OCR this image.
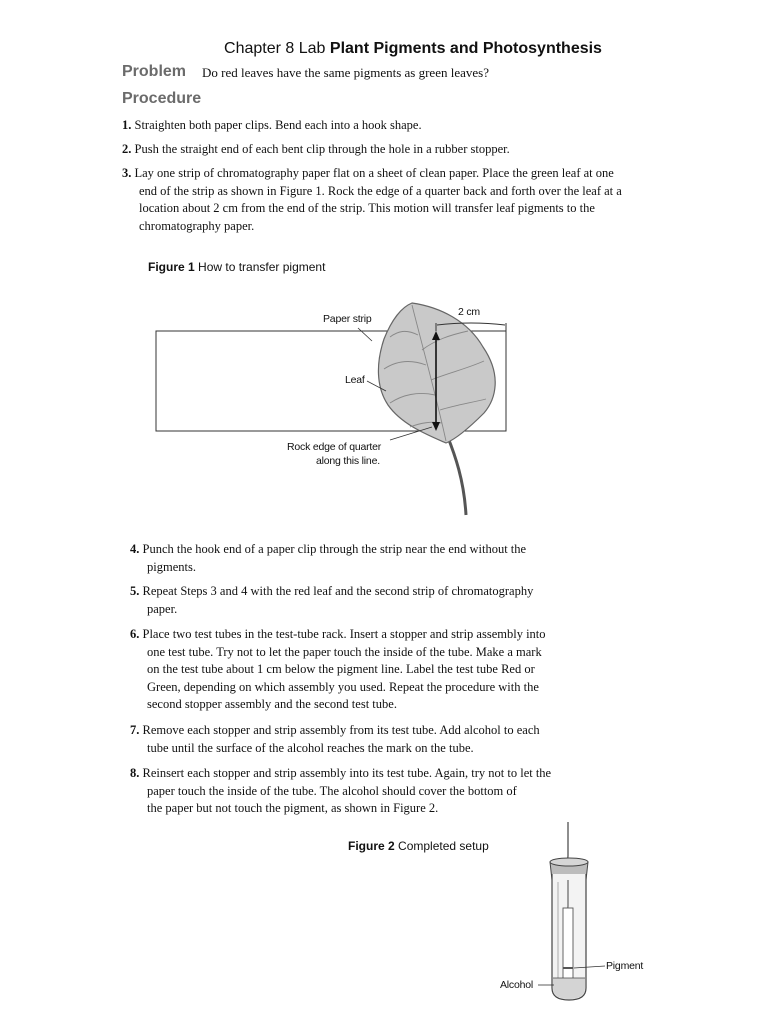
Chapter 8 Lab Plant Pigments and Photosynthesis
Problem Do red leaves have the same pigments as green leaves?
Procedure
1. Straighten both paper clips. Bend each into a hook shape.
2. Push the straight end of each bent clip through the hole in a rubber stopper.
3. Lay one strip of chromatography paper flat on a sheet of clean paper. Place the green leaf at one
end of the strip as shown in Figure 1. Rock the edge of a quarter back and forth over the leaf at a
location about 2 cm from the end of the strip. This motion will transfer leaf pigments to the
chromatography paper.
Figure 1 How to transfer pigment
Paper strip
2 cm
Leaf
Rock edge of quarter
along this line.
4. Punch the hook end of a paper clip through the strip near the end without the
pigments.
5. Repeat Steps 3 and 4 with the red leaf and the second strip of chromatography
paper.
6. Place two test tubes in the test-tube rack. Insert a stopper and strip assembly into
one test tube. Try not to let the paper touch the inside of the tube. Make a mark
on the test tube about 1 cm below the pigment line. Label the test tube Red or
Green, depending on which assembly you used. Repeat the procedure with the
second stopper assembly and the second test tube.
7. Remove each stopper and strip assembly from its test tube. Add alcohol to each
tube until the surface of the alcohol reaches the mark on the tube.
8. Reinsert each stopper and strip assembly into its test tube. Again, try not to let the
paper touch the inside of the tube. The alcohol should cover the bottom of
the paper but not touch the pigment, as shown in Figure 2.
Figure 2 Completed setup
Pigment
Alcohol
